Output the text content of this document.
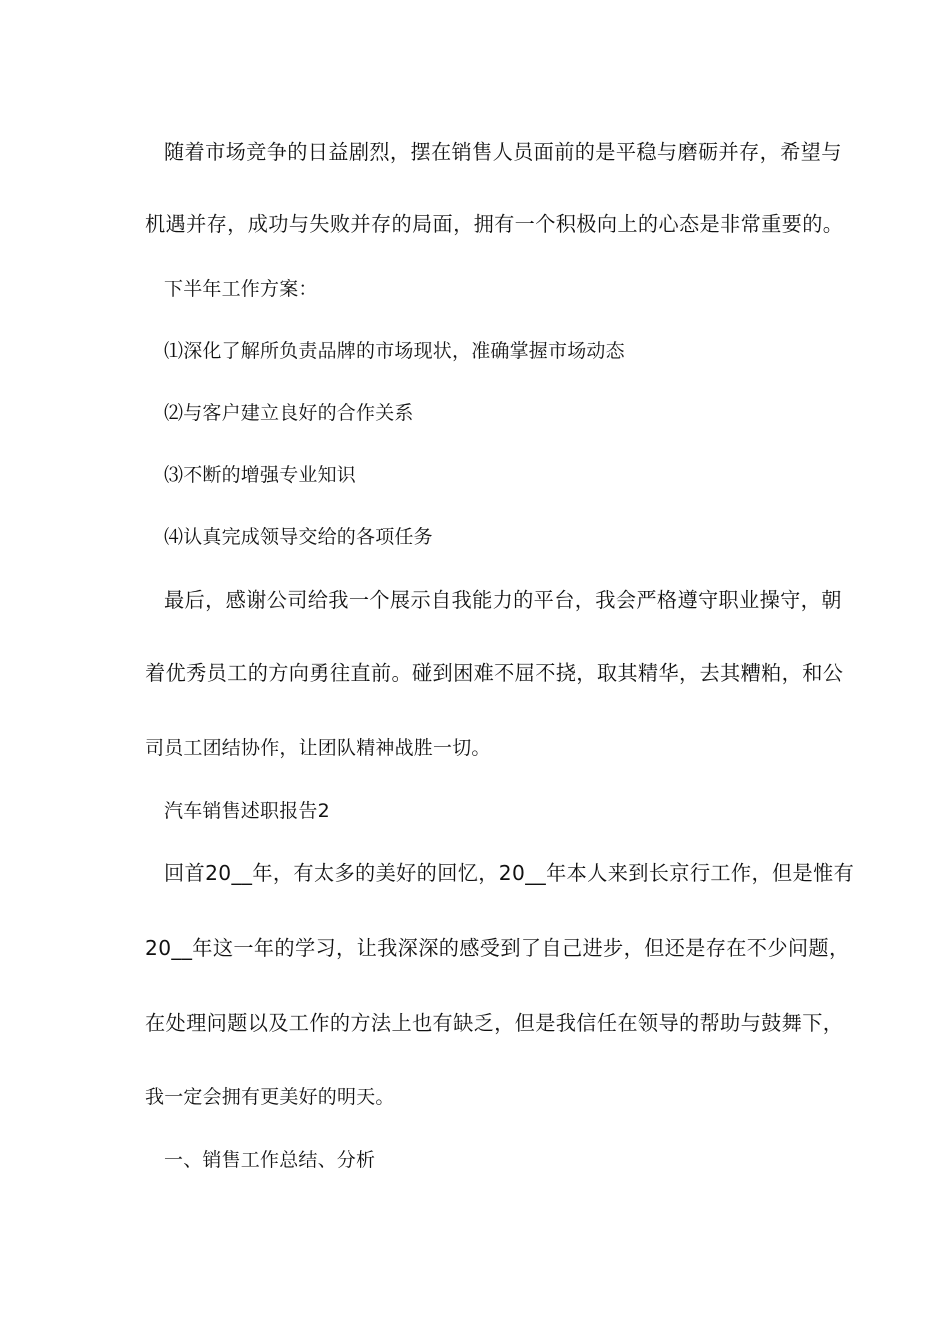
随着市场竞争的日益剧烈，摆在销售人员面前的是平稳与磨砺并存，希望与
机遇并存，成功与失败并存的局面，拥有一个积极向上的心态是非常重要的。
下半年工作方案：
⑴深化了解所负责品牌的市场现状，准确掌握市场动态
⑵与客户建立良好的合作关系
⑶不断的增强专业知识
⑷认真完成领导交给的各项任务
最后，感谢公司给我一个展示自我能力的平台，我会严格遵守职业操守，朝
着优秀员工的方向勇往直前。碰到困难不屈不挠，取其精华，去其糟粕，和公
司员工团结协作，让团队精神战胜一切。
汽车销售述职报告2
回首20__年，有太多的美好的回忆，20__年本人来到长京行工作，但是惟有
20__年这一年的学习，让我深深的感受到了自己进步，但还是存在不少问题，
在处理问题以及工作的方法上也有缺乏，但是我信任在领导的帮助与鼓舞下，
我一定会拥有更美好的明天。
一、销售工作总结、分析
